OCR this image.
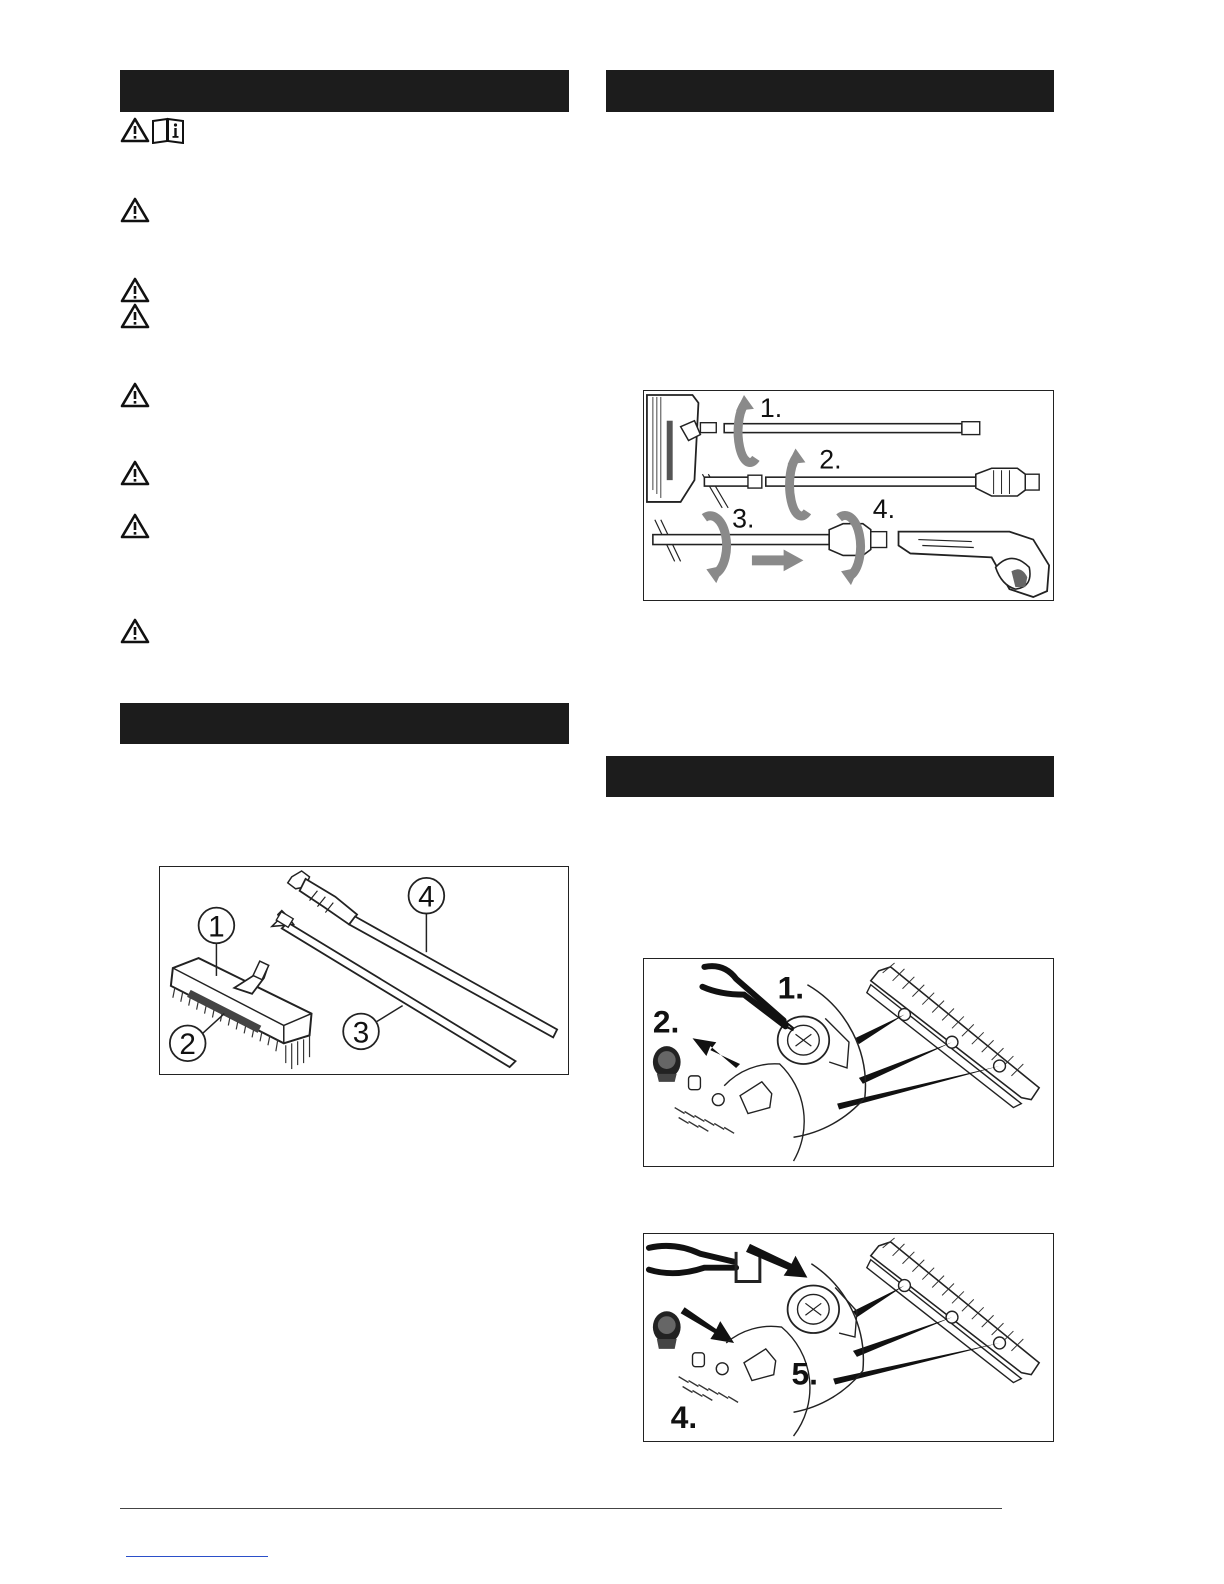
1
2	3
4
1.
2.
3.	4.
1.
2.
5.
4.
